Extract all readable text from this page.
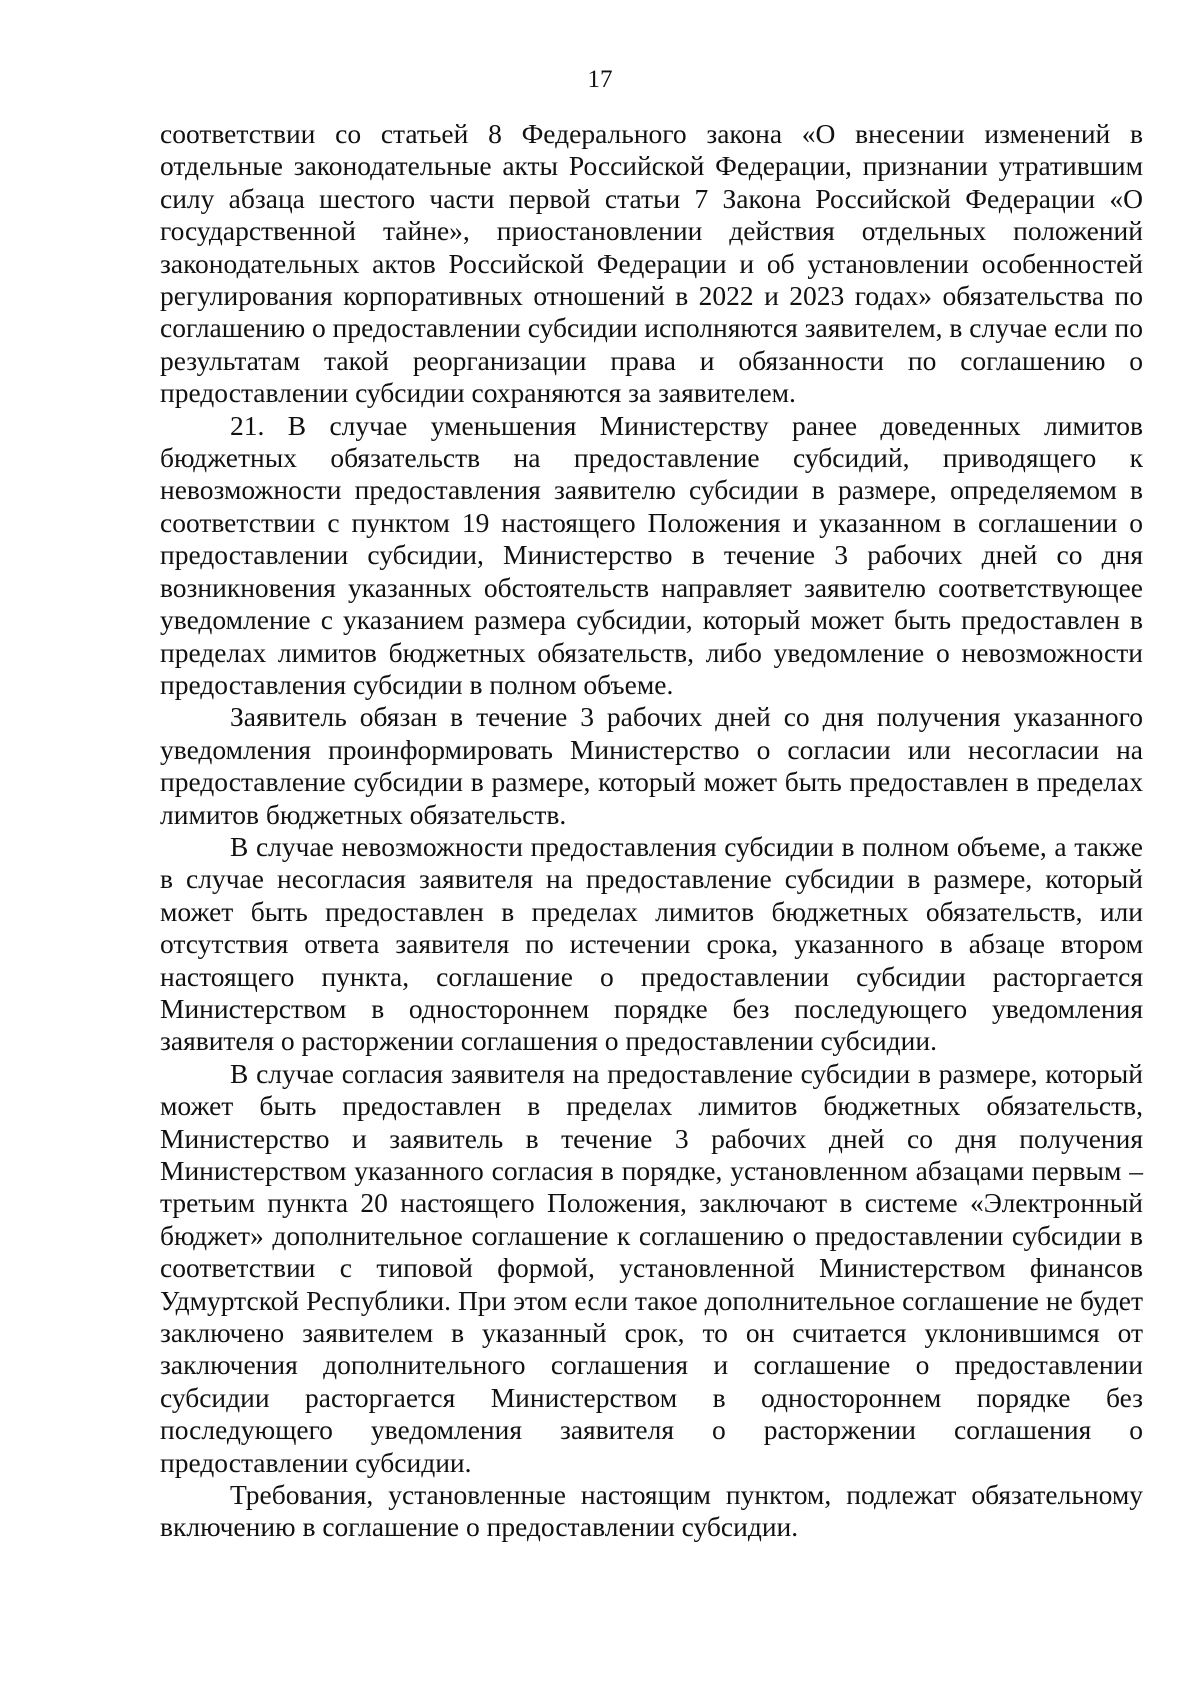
17

соответствии со статьей 8 Федерального закона «О внесении изменений в отдельные законодательные акты Российской Федерации, признании утратившим силу абзаца шестого части первой статьи 7 Закона Российской Федерации «О государственной тайне», приостановлении действия отдельных положений законодательных актов Российской Федерации и об установлении особенностей регулирования корпоративных отношений в 2022 и 2023 годах» обязательства по соглашению о предоставлении субсидии исполняются заявителем, в случае если по результатам такой реорганизации права и обязанности по соглашению о предоставлении субсидии сохраняются за заявителем.

21. В случае уменьшения Министерству ранее доведенных лимитов бюджетных обязательств на предоставление субсидий, приводящего к невозможности предоставления заявителю субсидии в размере, определяемом в соответствии с пунктом 19 настоящего Положения и указанном в соглашении о предоставлении субсидии, Министерство в течение 3 рабочих дней со дня возникновения указанных обстоятельств направляет заявителю соответствующее уведомление с указанием размера субсидии, который может быть предоставлен в пределах лимитов бюджетных обязательств, либо уведомление о невозможности предоставления субсидии в полном объеме.

Заявитель обязан в течение 3 рабочих дней со дня получения указанного уведомления проинформировать Министерство о согласии или несогласии на предоставление субсидии в размере, который может быть предоставлен в пределах лимитов бюджетных обязательств.

В случае невозможности предоставления субсидии в полном объеме, а также в случае несогласия заявителя на предоставление субсидии в размере, который может быть предоставлен в пределах лимитов бюджетных обязательств, или отсутствия ответа заявителя по истечении срока, указанного в абзаце втором настоящего пункта, соглашение о предоставлении субсидии расторгается Министерством в одностороннем порядке без последующего уведомления заявителя о расторжении соглашения о предоставлении субсидии.

В случае согласия заявителя на предоставление субсидии в размере, который может быть предоставлен в пределах лимитов бюджетных обязательств, Министерство и заявитель в течение 3 рабочих дней со дня получения Министерством указанного согласия в порядке, установленном абзацами первым – третьим пункта 20 настоящего Положения, заключают в системе «Электронный бюджет» дополнительное соглашение к соглашению о предоставлении субсидии в соответствии с типовой формой, установленной Министерством финансов Удмуртской Республики. При этом если такое дополнительное соглашение не будет заключено заявителем в указанный срок, то он считается уклонившимся от заключения дополнительного соглашения и соглашение о предоставлении субсидии расторгается Министерством в одностороннем порядке без последующего уведомления заявителя о расторжении соглашения о предоставлении субсидии.

Требования, установленные настоящим пунктом, подлежат обязательному включению в соглашение о предоставлении субсидии.
